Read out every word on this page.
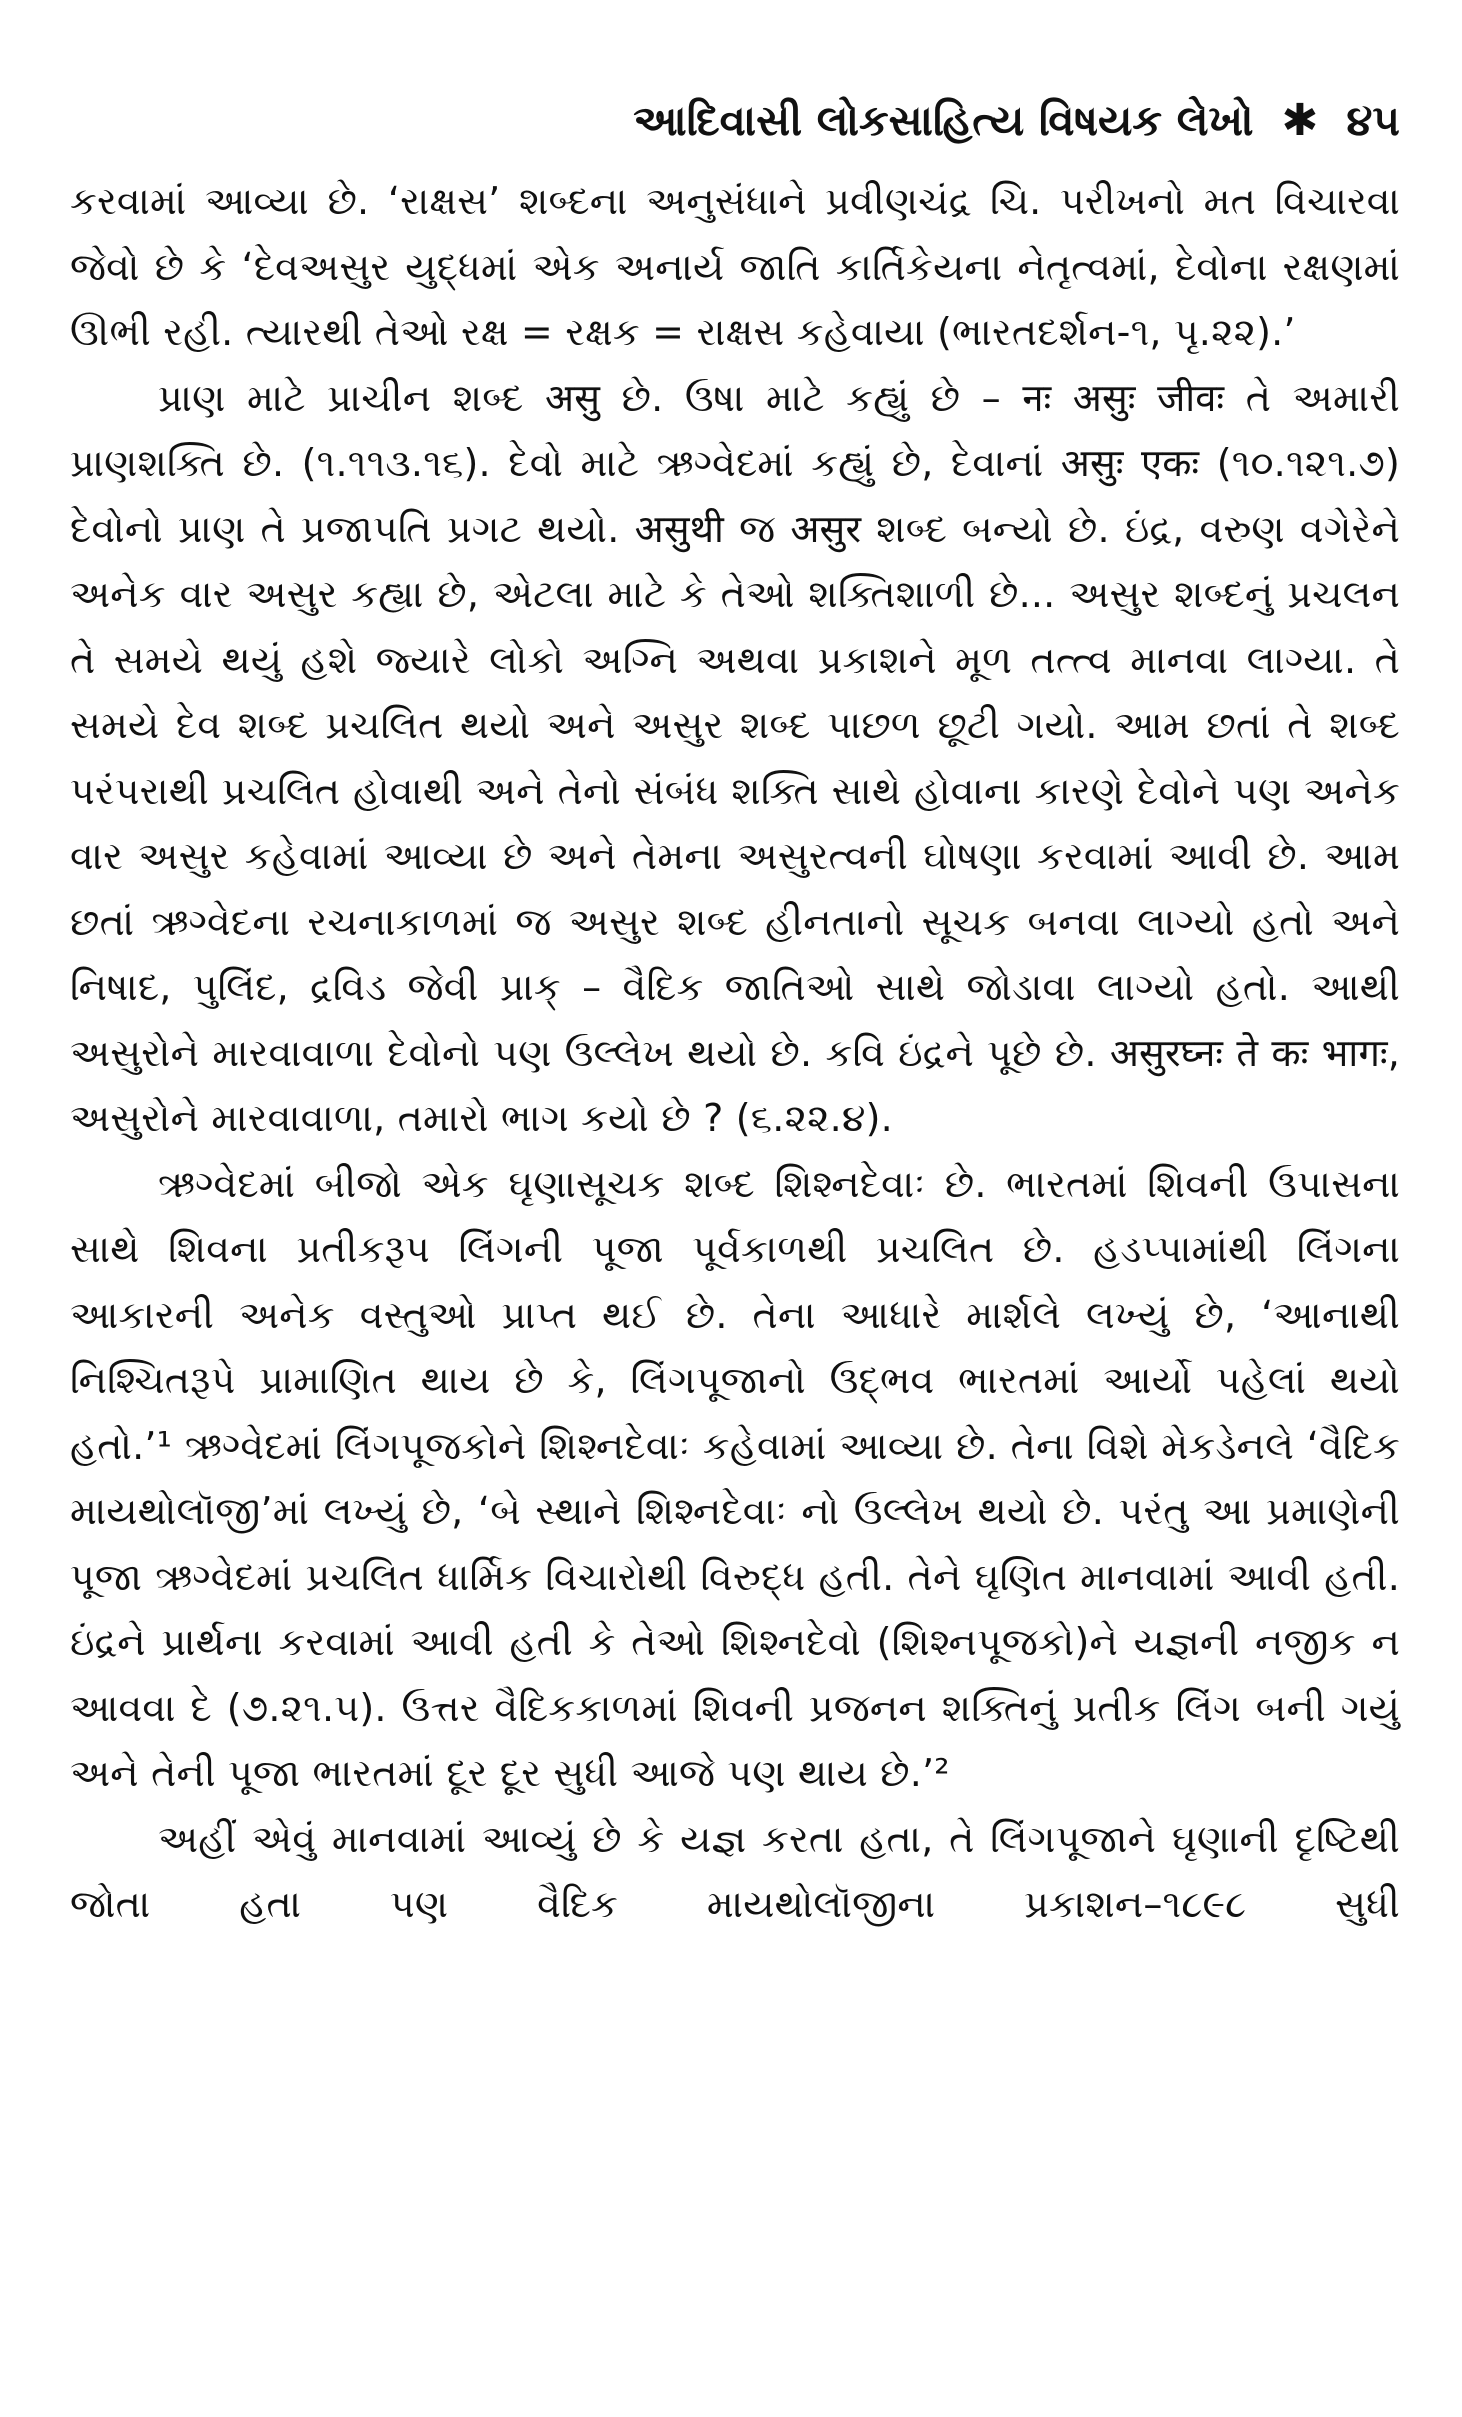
આદિવાસી લોકસાહિત્ય વિષયક લેખો ✱ ૪૫

કરવામાં આવ્યા છે. ‘રાક્ષસ’ શબ્દના અનુસંધાને પ્રવીણચંદ્ર ચિ. પરીખનો મત વિચારવા જેવો છે કે ‘દેવઅસુર યુદ્ધમાં એક અનાર્ય જાતિ કાર્તિકેયના નેતૃત્વમાં, દેવોના રક્ષણમાં ઊભી રહી. ત્યારથી તેઓ રક્ષ = રક્ષક = રાક્ષસ કહેવાયા (ભારતદર્શન-૧, પૃ.૨૨).’

પ્રાણ માટે પ્રાચીન શબ્દ असु છે. ઉષા માટે કહ્યું છે – नः असुः जीवः તે અમારી પ્રાણશક્તિ છે. (૧.૧૧૩.૧૬). દેવો માટે ઋગ્વેદમાં કહ્યું છે, દેવાનાં असुः एकः (૧૦.૧૨૧.૭) દેવોનો પ્રાણ તે પ્રજાપતિ પ્રગટ થયો. असुथी જ असुर શબ્દ બન્યો છે. ઇંદ્ર, વરુણ વગેરેને અનેક વાર અસુર કહ્યા છે, એટલા માટે કે તેઓ શક્તિશાળી છે... અસુર શબ્દનું પ્રચલન તે સમયે થયું હશે જ્યારે લોકો અગ્નિ અથવા પ્રકાશને મૂળ તત્ત્વ માનવા લાગ્યા. તે સમયે દેવ શબ્દ પ્રચલિત થયો અને અસુર શબ્દ પાછળ છૂટી ગયો. આમ છતાં તે શબ્દ પરંપરાથી પ્રચલિત હોવાથી અને તેનો સંબંધ શક્તિ સાથે હોવાના કારણે દેવોને પણ અનેક વાર અસુર કહેવામાં આવ્યા છે અને તેમના અસુરત્વની ઘોષણા કરવામાં આવી છે. આમ છતાં ઋગ્વેદના રચનાકાળમાં જ અસુર શબ્દ હીનતાનો સૂચક બનવા લાગ્યો હતો અને નિષાદ, પુલિંદ, દ્રવિડ જેવી પ્રાક્ – વૈદિક જાતિઓ સાથે જોડાવા લાગ્યો હતો. આથી અસુરોને મારવાવાળા દેવોનો પણ ઉલ્લેખ થયો છે. કવિ ઇંદ્રને પૂછે છે. असुरघ्नः ते कः भागः, અસુરોને મારવાવાળા, તમારો ભાગ કયો છે ? (૬.૨૨.૪).

ઋગ્વેદમાં બીજો એક ઘૃણાસૂચક શબ્દ શિશ્નદેવાઃ છે. ભારતમાં શિવની ઉપાસના સાથે શિવના પ્રતીકરૂપ લિંગની પૂજા પૂર્વકાળથી પ્રચલિત છે. હડપ્પામાંથી લિંગના આકારની અનેક વસ્તુઓ પ્રાપ્ત થઈ છે. તેના આધારે માર્શલે લખ્યું છે, ‘આનાથી નિશ્ચિતરૂપે પ્રામાણિત થાય છે કે, લિંગપૂજાનો ઉદ્ભવ ભારતમાં આર્યો પહેલાં થયો હતો.’¹ ઋગ્વેદમાં લિંગપૂજકોને શિશ્નદેવાઃ કહેવામાં આવ્યા છે. તેના વિશે મેકડેનલે ‘વૈદિક માયથોલૉજી’માં લખ્યું છે, ‘બે સ્થાને શિશ્નદેવાઃ નો ઉલ્લેખ થયો છે. પરંતુ આ પ્રમાણેની પૂજા ઋગ્વેદમાં પ્રચલિત ધાર્મિક વિચારોથી વિરુદ્ધ હતી. તેને ઘૃણિત માનવામાં આવી હતી. ઇંદ્રને પ્રાર્થના કરવામાં આવી હતી કે તેઓ શિશ્નદેવો (શિશ્નપૂજકો)ને યજ્ઞની નજીક ન આવવા દે (૭.૨૧.૫). ઉત્તર વૈદિકકાળમાં શિવની પ્રજનન શક્તિનું પ્રતીક લિંગ બની ગયું અને તેની પૂજા ભારતમાં દૂર દૂર સુધી આજે પણ થાય છે.’²

અહીં એવું માનવામાં આવ્યું છે કે યજ્ઞ કરતા હતા, તે લિંગપૂજાને ઘૃણાની દૃષ્ટિથી જોતા હતા પણ વૈદિક માયથોલૉજીના પ્રકાશન–૧૮૯૮ સુધી
